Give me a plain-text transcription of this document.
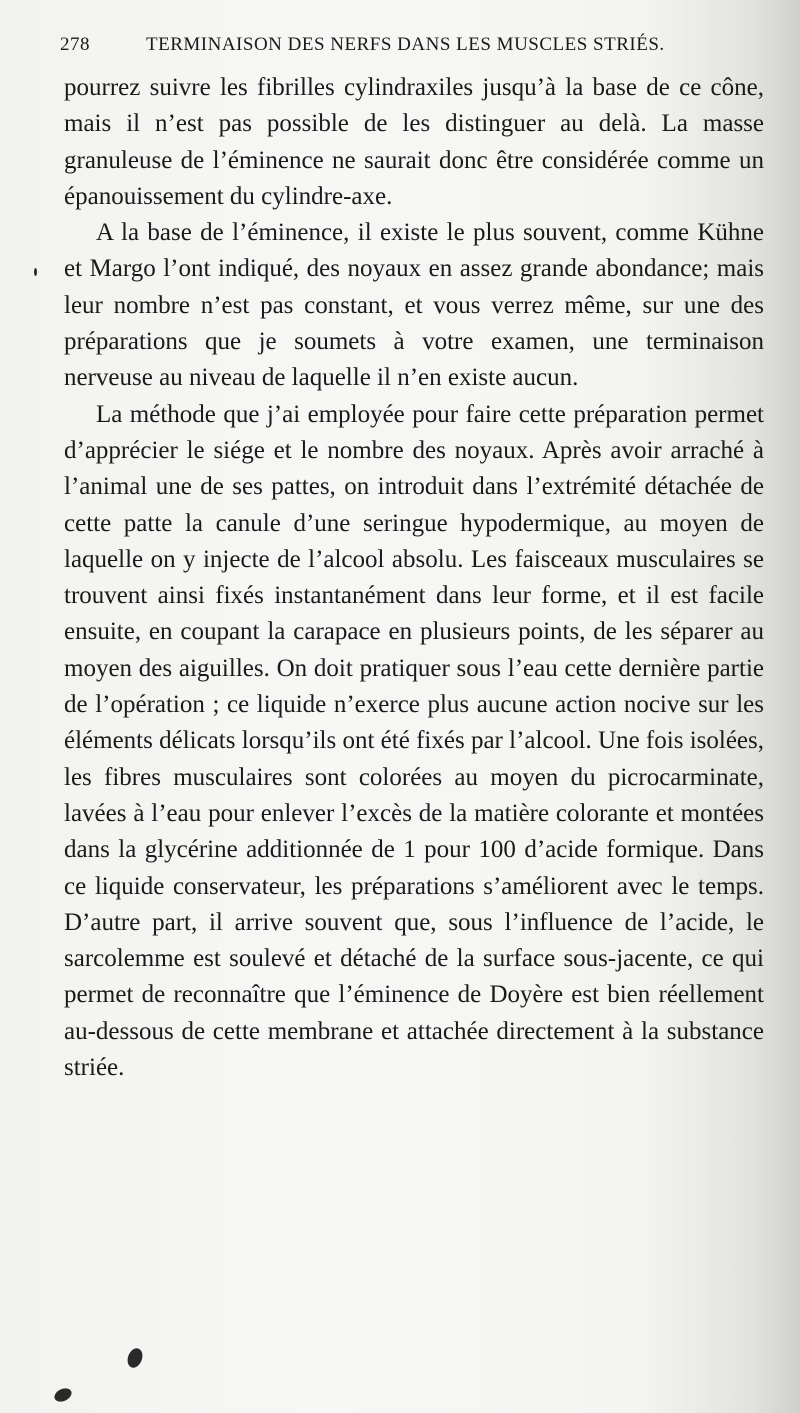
278	TERMINAISON DES NERFS DANS LES MUSCLES STRIÉS.

pourrez suivre les fibrilles cylindraxiles jusqu’à la base de ce cône, mais il n’est pas possible de les distinguer au delà. La masse granuleuse de l’éminence ne saurait donc être considérée comme un épanouissement du cylindre-axe.

A la base de l’éminence, il existe le plus souvent, comme Kühne et Margo l’ont indiqué, des noyaux en assez grande abondance; mais leur nombre n’est pas constant, et vous verrez même, sur une des préparations que je soumets à votre examen, une terminaison nerveuse au niveau de laquelle il n’en existe aucun.

La méthode que j’ai employée pour faire cette préparation permet d’apprécier le siége et le nombre des noyaux. Après avoir arraché à l’animal une de ses pattes, on introduit dans l’extrémité détachée de cette patte la canule d’une seringue hypodermique, au moyen de laquelle on y injecte de l’alcool absolu. Les faisceaux musculaires se trouvent ainsi fixés instantanément dans leur forme, et il est facile ensuite, en coupant la carapace en plusieurs points, de les séparer au moyen des aiguilles. On doit pratiquer sous l’eau cette dernière partie de l’opération ; ce liquide n’exerce plus aucune action nocive sur les éléments délicats lorsqu’ils ont été fixés par l’alcool. Une fois isolées, les fibres musculaires sont colorées au moyen du picrocarminate, lavées à l’eau pour enlever l’excès de la matière colorante et montées dans la glycérine additionnée de 1 pour 100 d’acide formique. Dans ce liquide conservateur, les préparations s’améliorent avec le temps. D’autre part, il arrive souvent que, sous l’influence de l’acide, le sarcolemme est soulevé et détaché de la surface sous-jacente, ce qui permet de reconnaître que l’éminence de Doyère est bien réellement au-dessous de cette membrane et attachée directement à la substance striée.
